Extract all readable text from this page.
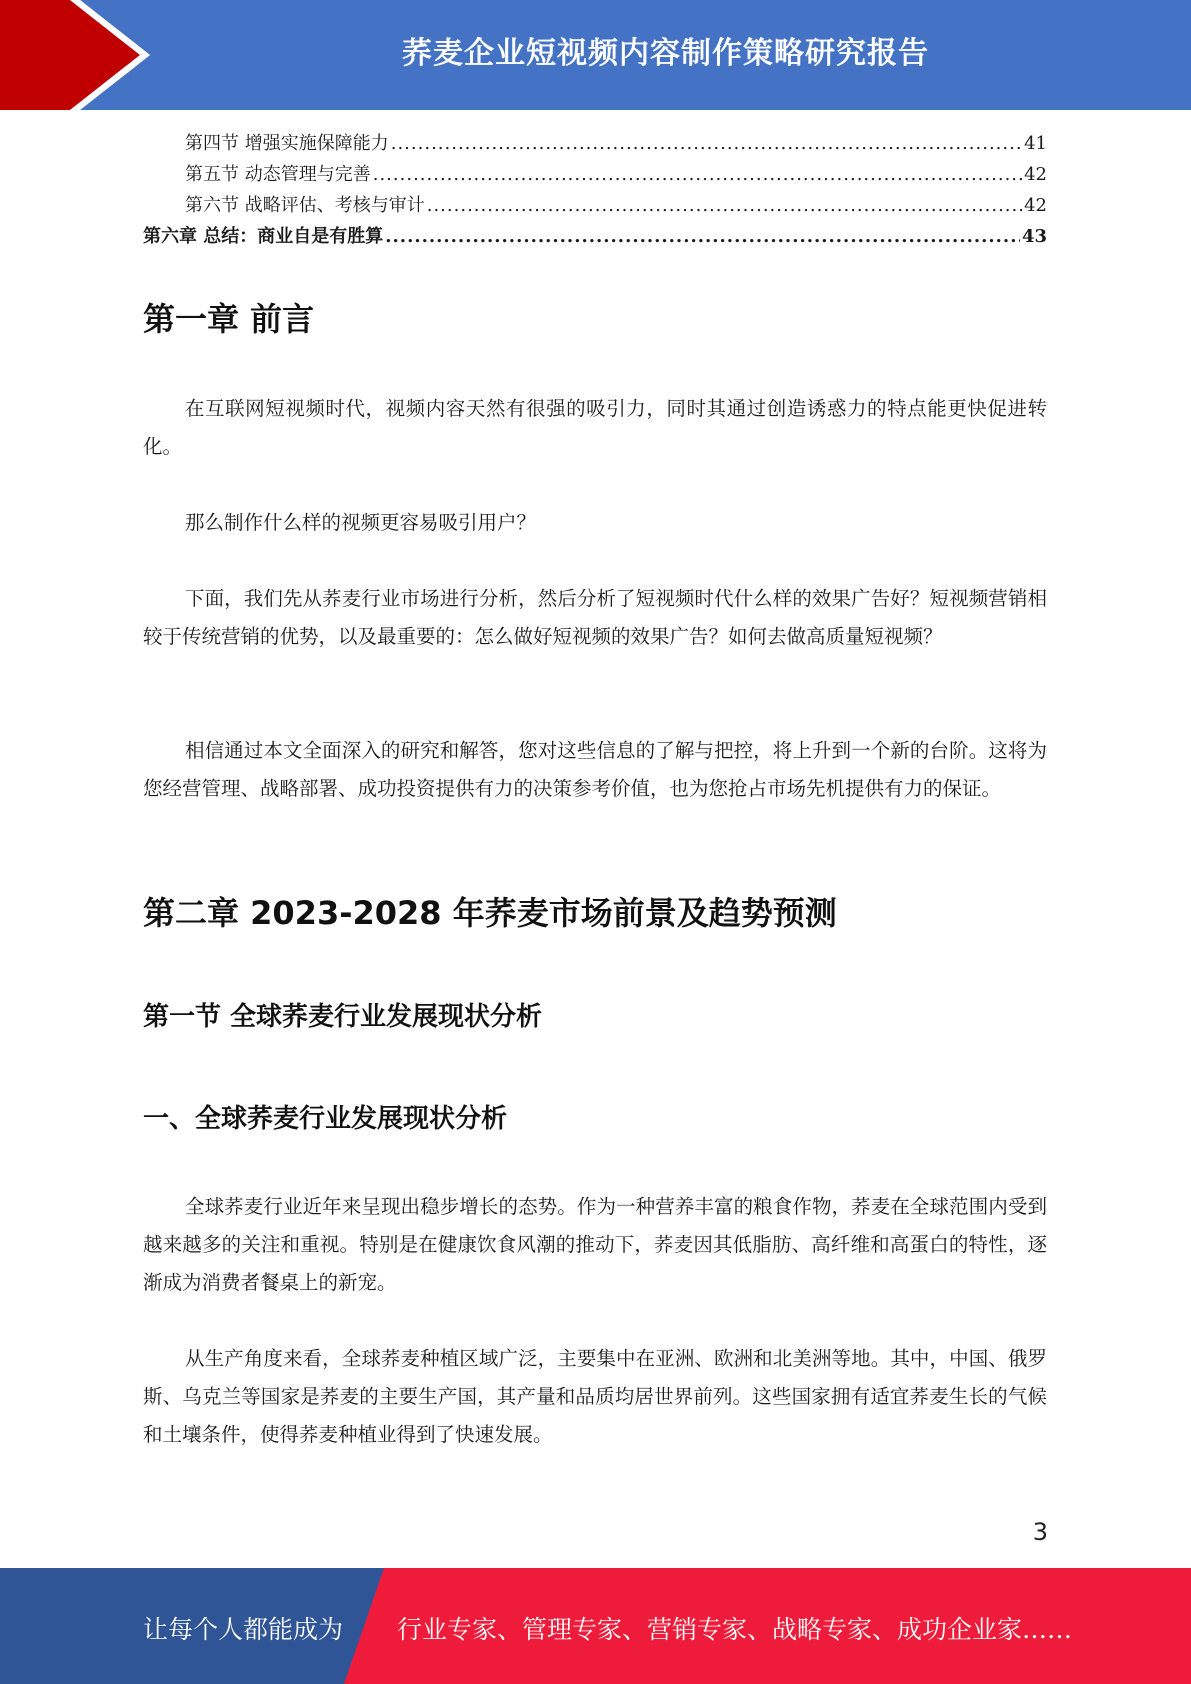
荞麦企业短视频内容制作策略研究报告
第四节 增强实施保障能力 .....	41
第五节 动态管理与完善 .....	42
第六节 战略评估、考核与审计 .....	42
第六章 总结：商业自是有胜算 .....	43
第一章 前言

在互联网短视频时代，视频内容天然有很强的吸引力，同时其通过创造诱惑力的特点能更快促进转化。

那么制作什么样的视频更容易吸引用户？

下面，我们先从荞麦行业市场进行分析，然后分析了短视频时代什么样的效果广告好？短视频营销相较于传统营销的优势，以及最重要的：怎么做好短视频的效果广告？如何去做高质量短视频？

相信通过本文全面深入的研究和解答，您对这些信息的了解与把控，将上升到一个新的台阶。这将为您经营管理、战略部署、成功投资提供有力的决策参考价值，也为您抢占市场先机提供有力的保证。

第二章 2023-2028 年荞麦市场前景及趋势预测
第一节 全球荞麦行业发展现状分析
一、全球荞麦行业发展现状分析

全球荞麦行业近年来呈现出稳步增长的态势。作为一种营养丰富的粮食作物，荞麦在全球范围内受到越来越多的关注和重视。特别是在健康饮食风潮的推动下，荞麦因其低脂肪、高纤维和高蛋白的特性，逐渐成为消费者餐桌上的新宠。

从生产角度来看，全球荞麦种植区域广泛，主要集中在亚洲、欧洲和北美洲等地。其中，中国、俄罗斯、乌克兰等国家是荞麦的主要生产国，其产量和品质均居世界前列。这些国家拥有适宜荞麦生长的气候和土壤条件，使得荞麦种植业得到了快速发展。

3
让每个人都能成为 行业专家、管理专家、营销专家、战略专家、成功企业家……
